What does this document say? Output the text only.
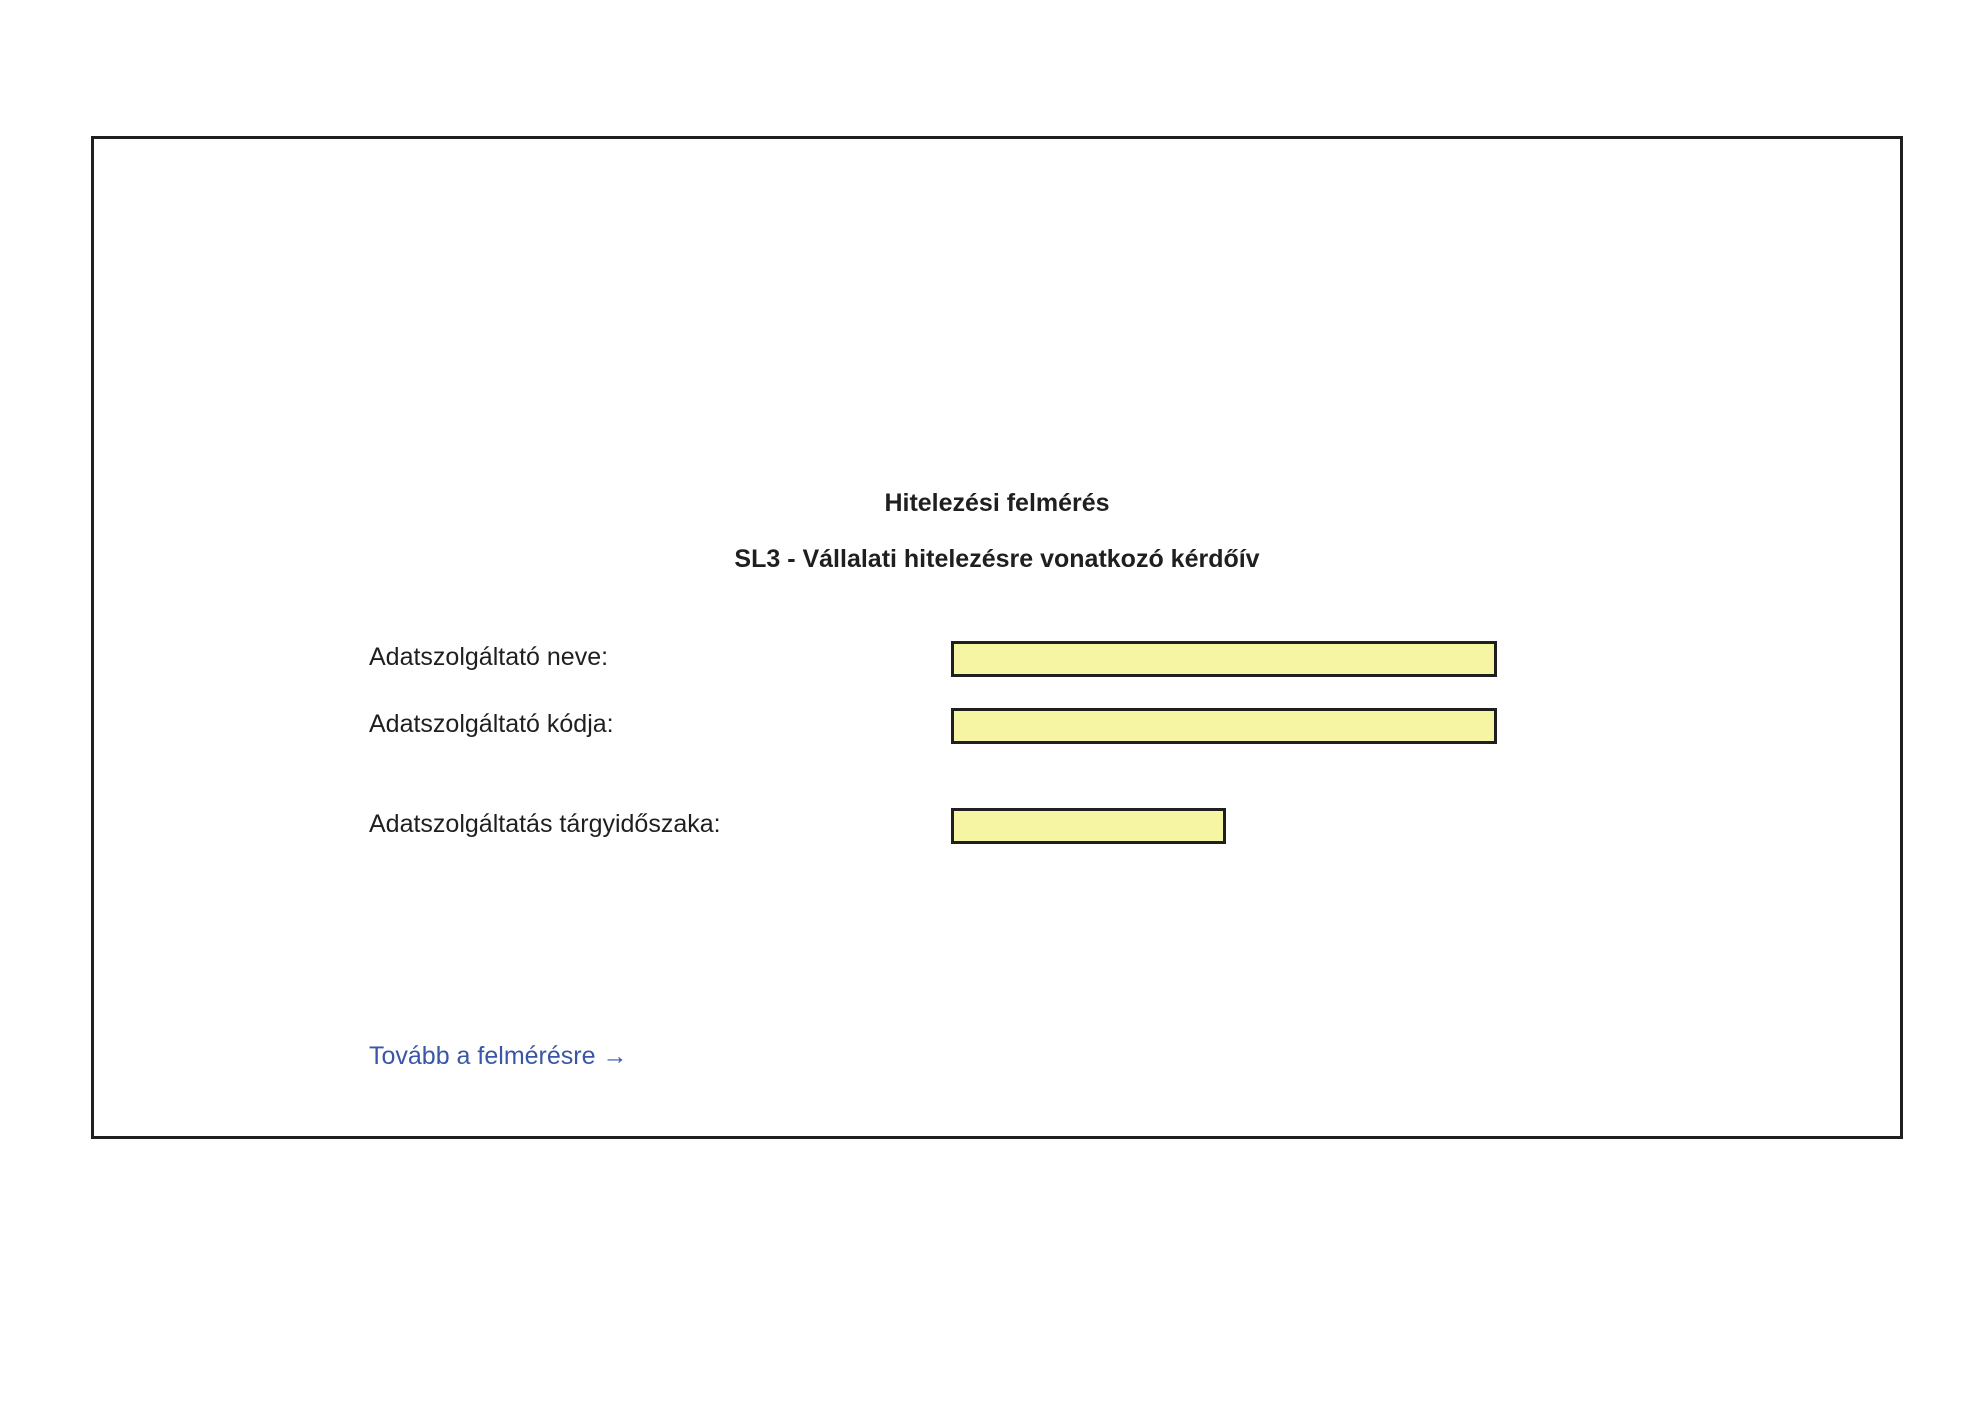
Hitelezési felmérés
SL3 - Vállalati hitelezésre vonatkozó kérdőív
Adatszolgáltató neve:
Adatszolgáltató kódja:
Adatszolgáltatás tárgyidőszaka:
Tovább a felmérésre →
